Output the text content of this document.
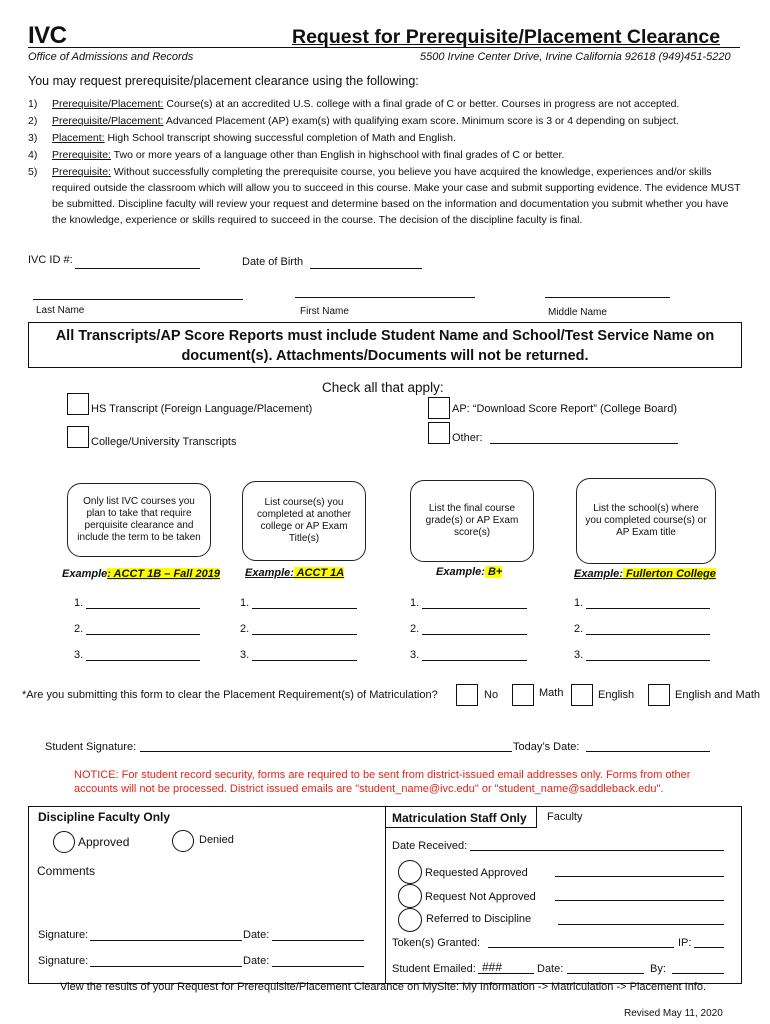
IVC	Request for Prerequisite/Placement Clearance
Office of Admissions and Records	5500 Irvine Center Drive, Irvine California 92618 (949)451-5220
You may request prerequisite/placement clearance using the following:
1)	Prerequisite/Placement: Course(s) at an accredited U.S. college with a final grade of C or better. Courses in progress are not accepted.
2)	Prerequisite/Placement: Advanced Placement (AP) exam(s) with qualifying exam score. Minimum score is 3 or 4 depending on subject.
3)	Placement: High School transcript showing successful completion of Math and English.
4)	Prerequisite: Two or more years of a language other than English in highschool with final grades of C or better.
5)	Prerequisite: Without successfully completing the prerequisite course, you believe you have acquired the knowledge, experiences and/or skills required outside the classroom which will allow you to succeed in this course. Make your case and submit supporting evidence. The evidence MUST be submitted. Discipline faculty will review your request and determine based on the information and documentation you submit whether you have the knowledge, experience or skills required to succeed in the course. The decision of the discipline faculty is final.
IVC ID #:	Date of Birth
Last Name	First Name	Middle Name
All Transcripts/AP Score Reports must include Student Name and School/Test Service Name on document(s). Attachments/Documents will not be returned.
Check all that apply:
HS Transcript (Foreign Language/Placement)	AP: “Download Score Report” (College Board)
College/University Transcripts	Other:
Only list IVC courses you plan to take that require perquisite clearance and include the term to be taken
List course(s) you completed at another college or AP Exam Title(s)
List the final course grade(s) or AP Exam score(s)
List the school(s) where you completed course(s) or AP Exam title
Example: ACCT 1B – Fall 2019 Example: ACCT 1A	Example: B+	Example: Fullerton College
1.	1.	1.	1.
2.	2.	2.	2.
3.	3.	3.	3.
*Are you submitting this form to clear the Placement Requirement(s) of Matriculation?	No	Math	English	English and Math
Student Signature:	Today’s Date:
NOTICE: For student record security, forms are required to be sent from district-issued email addresses only. Forms from other accounts will not be processed. District issued emails are "student_name@ivc.edu" or "student_name@saddleback.edu".
Discipline Faculty Only
Approved	Denied
Comments
Signature:	Date:
Signature:	Date:
Matriculation Staff Only Faculty
Date Received:
Requested Approved
Request Not Approved
Referred to Discipline
Token(s) Granted:	IP:
Student Emailed: ###	Date:	By:
View the results of your Request for Prerequisite/Placement Clearance on MySite: My Information -> Matriculation -> Placement Info.
Revised May 11, 2020
